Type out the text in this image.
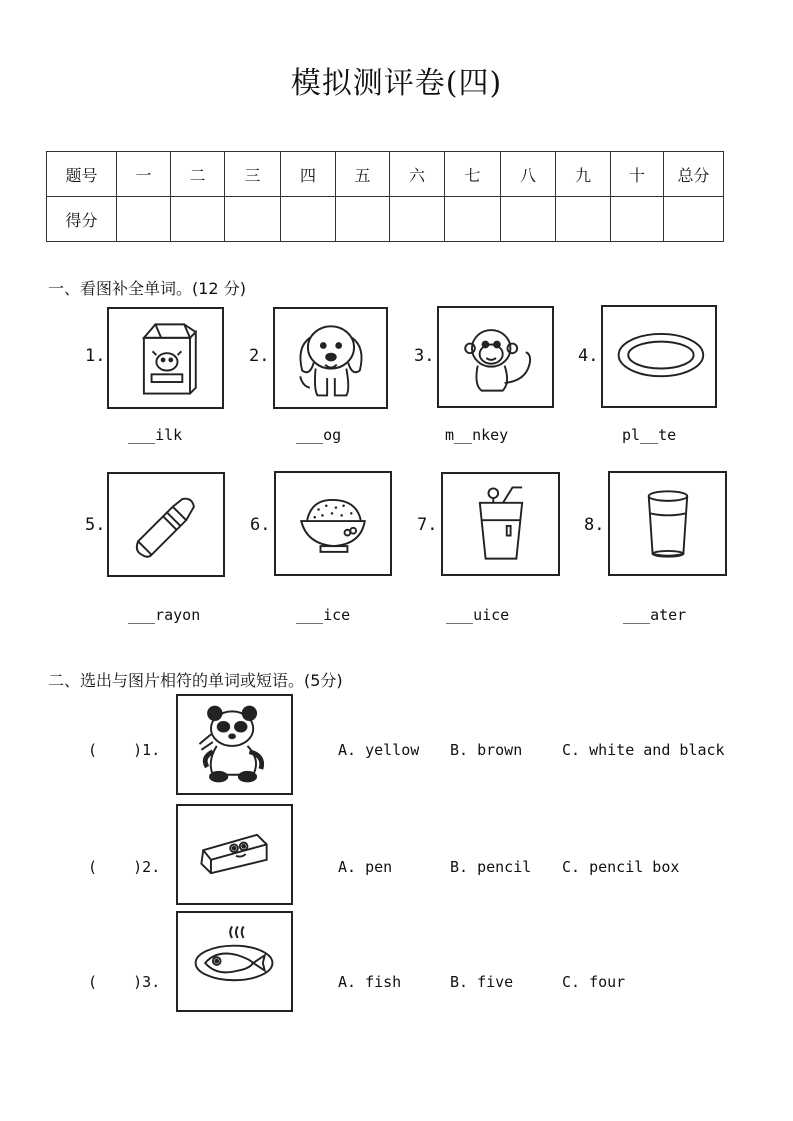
模拟测评卷(四)
题号	一	二	三	四	五	六	七	八	九	十	总分
得分											
一、看图补全单词。(12 分)
1.	2.	3.	4.
___ilk	___og	m__nkey	pl__te
5.	6.	7.	8.
___rayon	___ice	___uice	___ater
二、选出与图片相符的单词或短语。(5分)
(    )1.	A. yellow B. brown	C. white and black
(    )2.	A. pen	B. pencil C. pencil box
(    )3.	A. fish	B. five	C. four
